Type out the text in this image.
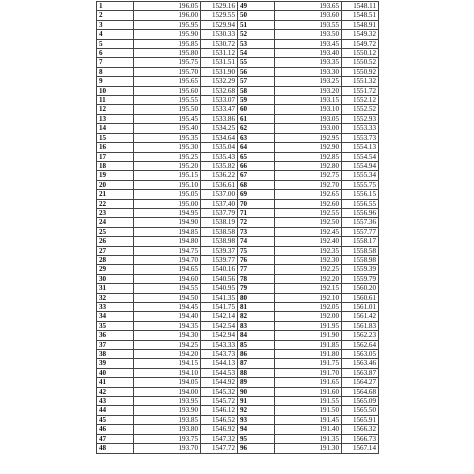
1	196.05	1529.16	49	193.65	1548.11
2	196.00	1529.55	50	193.60	1548.51
3	195.95	1529.94	51	193.55	1548.91
4	195.90	1530.33	52	193.50	1549.32
5	195.85	1530.72	53	193.45	1549.72
6	195.80	1531.12	54	193.40	1550.12
7	195.75	1531.51	55	193.35	1550.52
8	195.70	1531.90	56	193.30	1550.92
9	195.65	1532.29	57	193.25	1551.32
10	195.60	1532.68	58	193.20	1551.72
11	195.55	1533.07	59	193.15	1552.12
12	195.50	1533.47	60	193.10	1552.52
13	195.45	1533.86	61	193.05	1552.93
14	195.40	1534.25	62	193.00	1553.33
15	195.35	1534.64	63	192.95	1553.73
16	195.30	1535.04	64	192.90	1554.13
17	195.25	1535.43	65	192.85	1554.54
18	195.20	1535.82	66	192.80	1554.94
19	195.15	1536.22	67	192.75	1555.34
20	195.10	1536.61	68	192.70	1555.75
21	195.05	1537.00	69	192.65	1556.15
22	195.00	1537.40	70	192.60	1556.55
23	194.95	1537.79	71	192.55	1556.96
24	194.90	1538.19	72	192.50	1557.36
25	194.85	1538.58	73	192.45	1557.77
26	194.80	1538.98	74	192.40	1558.17
27	194.75	1539.37	75	192.35	1558.58
28	194.70	1539.77	76	192.30	1558.98
29	194.65	1540.16	77	192.25	1559.39
30	194.60	1540.56	78	192.20	1559.79
31	194.55	1540.95	79	192.15	1560.20
32	194.50	1541.35	80	192.10	1560.61
33	194.45	1541.75	81	192.05	1561.01
34	194.40	1542.14	82	192.00	1561.42
35	194.35	1542.54	83	191.95	1561.83
36	194.30	1542.94	84	191.90	1562.23
37	194.25	1543.33	85	191.85	1562.64
38	194.20	1543.73	86	191.80	1563.05
39	194.15	1544.13	87	191.75	1563.46
40	194.10	1544.53	88	191.70	1563.87
41	194.05	1544.92	89	191.65	1564.27
42	194.00	1545.32	90	191.60	1564.68
43	193.95	1545.72	91	191.55	1565.09
44	193.90	1546.12	92	191.50	1565.50
45	193.85	1546.52	93	191.45	1565.91
46	193.80	1546.92	94	191.40	1566.32
47	193.75	1547.32	95	191.35	1566.73
48	193.70	1547.72	96	191.30	1567.14
